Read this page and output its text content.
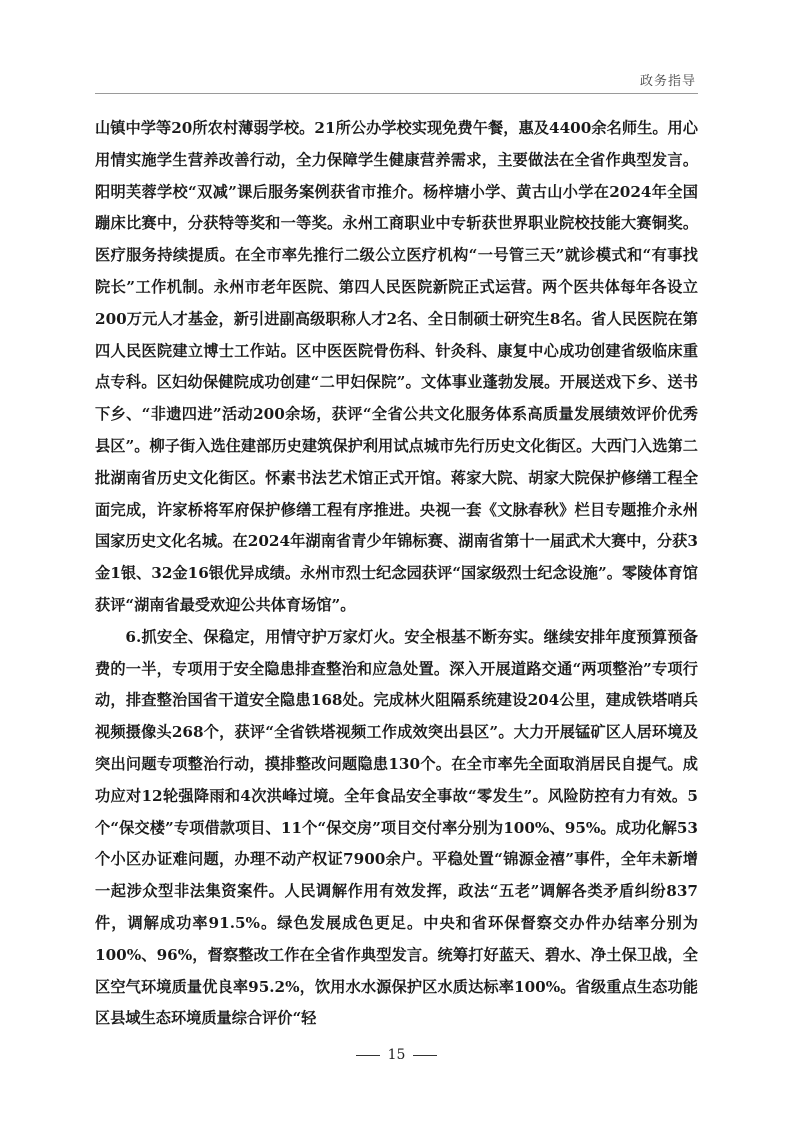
政务指导

山镇中学等20所农村薄弱学校。21所公办学校实现免费午餐，惠及4400余名师生。用心用情实施学生营养改善行动，全力保障学生健康营养需求，主要做法在全省作典型发言。阳明芙蓉学校“双减”课后服务案例获省市推介。杨梓塘小学、黄古山小学在2024年全国蹦床比赛中，分获特等奖和一等奖。永州工商职业中专斩获世界职业院校技能大赛铜奖。医疗服务持续提质。在全市率先推行二级公立医疗机构“一号管三天”就诊模式和“有事找院长”工作机制。永州市老年医院、第四人民医院新院正式运营。两个医共体每年各设立200万元人才基金，新引进副高级职称人才2名、全日制硕士研究生8名。省人民医院在第四人民医院建立博士工作站。区中医医院骨伤科、针灸科、康复中心成功创建省级临床重点专科。区妇幼保健院成功创建“二甲妇保院”。文体事业蓬勃发展。开展送戏下乡、送书下乡、“非遗四进”活动200余场，获评“全省公共文化服务体系高质量发展绩效评价优秀县区”。柳子街入选住建部历史建筑保护利用试点城市先行历史文化街区。大西门入选第二批湖南省历史文化街区。怀素书法艺术馆正式开馆。蒋家大院、胡家大院保护修缮工程全面完成，许家桥将军府保护修缮工程有序推进。央视一套《文脉春秋》栏目专题推介永州国家历史文化名城。在2024年湖南省青少年锦标赛、湖南省第十一届武术大赛中，分获3金1银、32金16银优异成绩。永州市烈士纪念园获评“国家级烈士纪念设施”。零陵体育馆获评“湖南省最受欢迎公共体育场馆”。

6.抓安全、保稳定，用情守护万家灯火。安全根基不断夯实。继续安排年度预算预备费的一半，专项用于安全隐患排查整治和应急处置。深入开展道路交通“两项整治”专项行动，排查整治国省干道安全隐患168处。完成林火阻隔系统建设204公里，建成铁塔哨兵视频摄像头268个，获评“全省铁塔视频工作成效突出县区”。大力开展锰矿区人居环境及突出问题专项整治行动，摸排整改问题隐患130个。在全市率先全面取消居民自提气。成功应对12轮强降雨和4次洪峰过境。全年食品安全事故“零发生”。风险防控有力有效。5个“保交楼”专项借款项目、11个“保交房”项目交付率分别为100%、95%。成功化解53个小区办证难问题，办理不动产权证7900余户。平稳处置“锦源金禧”事件，全年未新增一起涉众型非法集资案件。人民调解作用有效发挥，政法“五老”调解各类矛盾纠纷837件，调解成功率91.5%。绿色发展成色更足。中央和省环保督察交办件办结率分别为100%、96%，督察整改工作在全省作典型发言。统筹打好蓝天、碧水、净土保卫战，全区空气环境质量优良率95.2%，饮用水水源保护区水质达标率100%。省级重点生态功能区县域生态环境质量综合评价“轻

15
